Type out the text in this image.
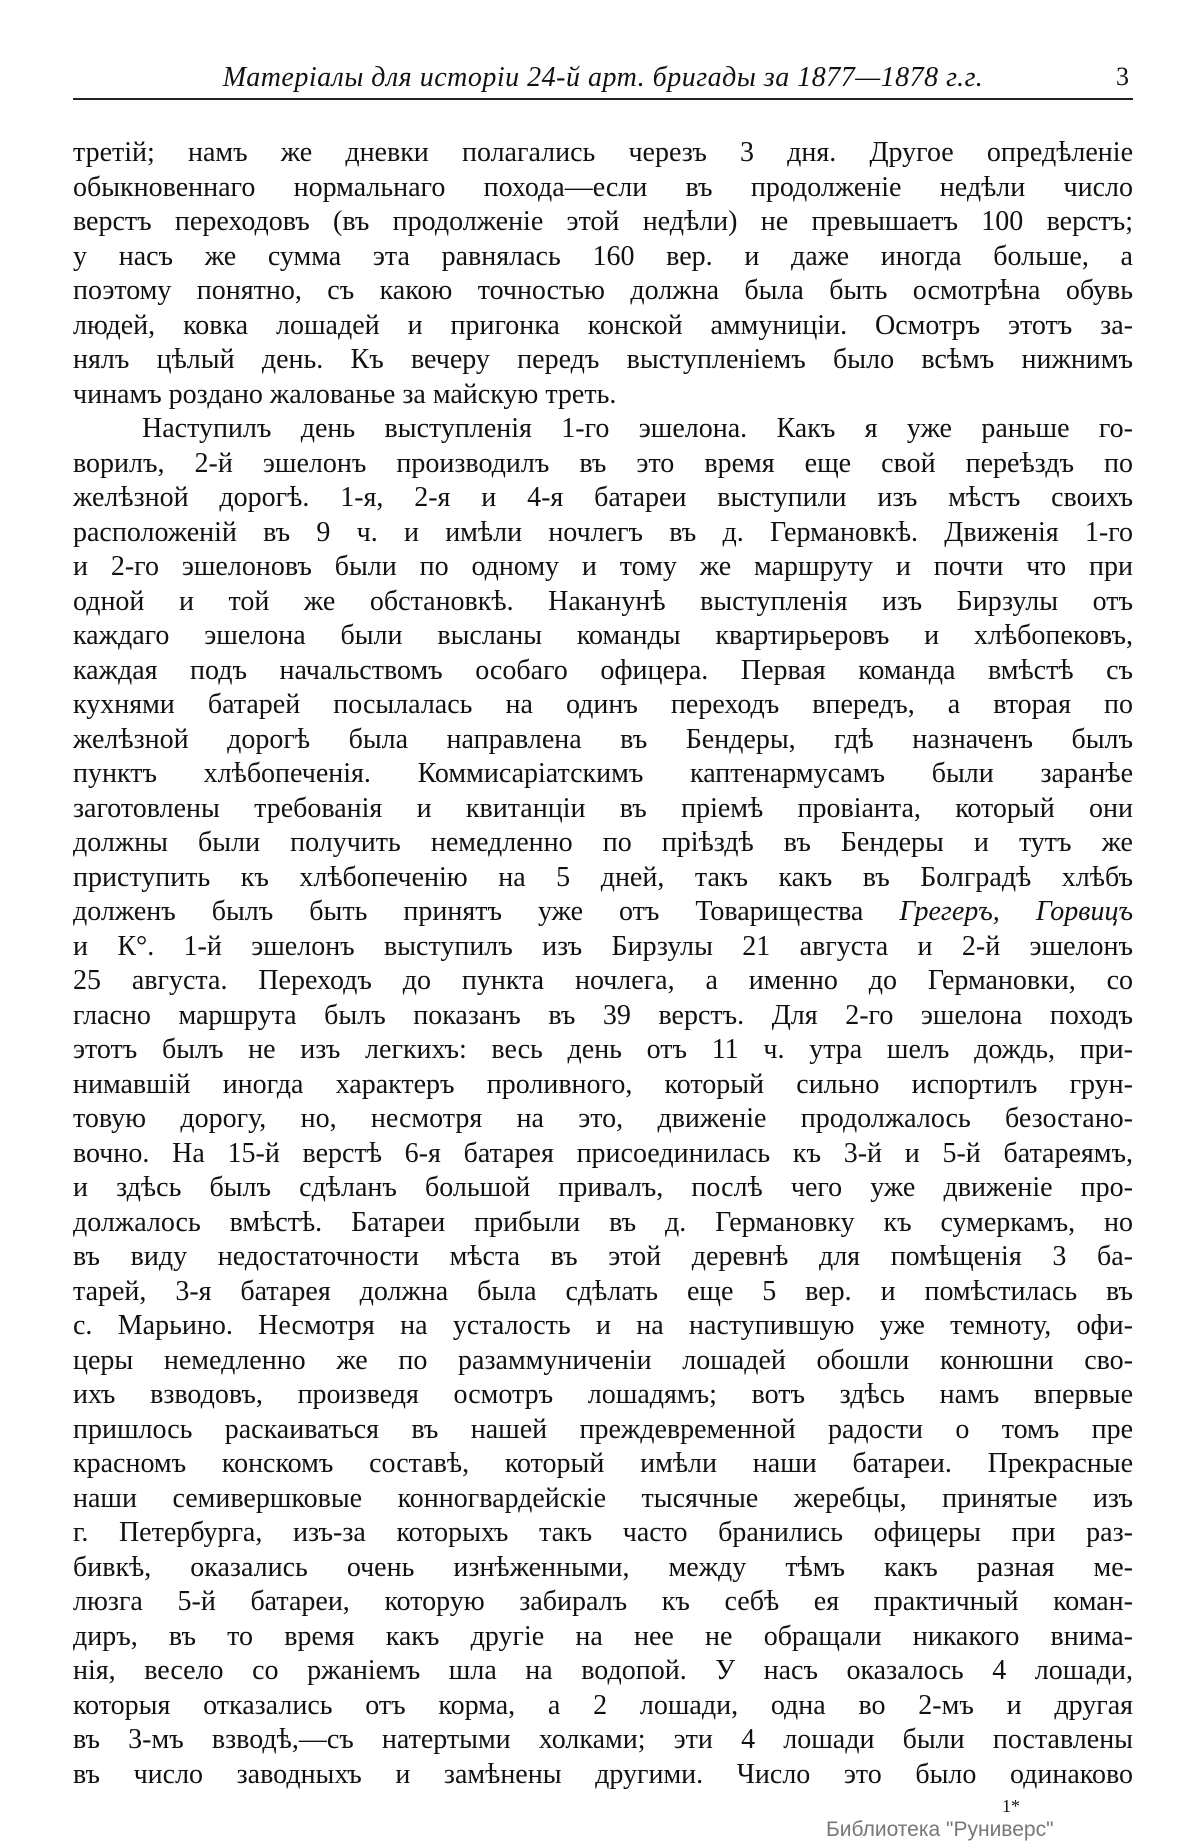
Матеріалы для исторіи 24-й арт. бригады за 1877—1878 г.г.	3
третій; намъ же дневки полагались черезъ 3 дня. Другое опредѣленіе
обыкновеннаго нормальнаго похода—если въ продолженіе недѣли число
верстъ переходовъ (въ продолженіе этой недѣли) не превышаетъ 100 верстъ;
у насъ же сумма эта равнялась 160 вер. и даже иногда больше, а
поэтому понятно, съ какою точностью должна была быть осмотрѣна обувь
людей, ковка лошадей и пригонка конской аммуниціи. Осмотръ этотъ за-
нялъ цѣлый день. Къ вечеру передъ выступленіемъ было всѣмъ нижнимъ
чинамъ роздано жалованье за майскую треть.
Наступилъ день выступленія 1-го эшелона. Какъ я уже раньше го-
ворилъ, 2-й эшелонъ производилъ въ это время еще свой переѣздъ по
желѣзной дорогѣ. 1-я, 2-я и 4-я батареи выступили изъ мѣстъ своихъ
расположеній въ 9 ч. и имѣли ночлегъ въ д. Германовкѣ. Движенія 1-го
и 2-го эшелоновъ были по одному и тому же маршруту и почти что при
одной и той же обстановкѣ. Наканунѣ выступленія изъ Бирзулы отъ
каждаго эшелона были высланы команды квартирьеровъ и хлѣбопековъ,
каждая подъ начальствомъ особаго офицера. Первая команда вмѣстѣ съ
кухнями батарей посылалась на одинъ переходъ впередъ, а вторая по
желѣзной дорогѣ была направлена въ Бендеры, гдѣ назначенъ былъ
пунктъ хлѣбопеченія. Коммисаріатскимъ каптенармусамъ были заранѣе
заготовлены требованія и квитанціи въ пріемѣ провіанта, который они
должны были получить немедленно по пріѣздѣ въ Бендеры и тутъ же
приступить къ хлѣбопеченію на 5 дней, такъ какъ въ Болградѣ хлѣбъ
долженъ былъ быть принятъ уже отъ Товарищества Грегеръ, Горвицъ
и К°. 1-й эшелонъ выступилъ изъ Бирзулы 21 августа и 2-й эшелонъ
25 августа. Переходъ до пункта ночлега, а именно до Германовки, со
гласно маршрута былъ показанъ въ 39 верстъ. Для 2-го эшелона походъ
этотъ былъ не изъ легкихъ: весь день отъ 11 ч. утра шелъ дождь, при-
нимавшій иногда характеръ проливного, который сильно испортилъ грун-
товую дорогу, но, несмотря на это, движеніе продолжалось безостано-
вочно. На 15-й верстѣ 6-я батарея присоединилась къ 3-й и 5-й батареямъ,
и здѣсь былъ сдѣланъ большой привалъ, послѣ чего уже движеніе про-
должалось вмѣстѣ. Батареи прибыли въ д. Германовку къ сумеркамъ, но
въ виду недостаточности мѣста въ этой деревнѣ для помѣщенія 3 ба-
тарей, 3-я батарея должна была сдѣлать еще 5 вер. и помѣстилась въ
с. Марьино. Несмотря на усталость и на наступившую уже темноту, офи-
церы немедленно же по разаммуниченіи лошадей обошли конюшни сво-
ихъ взводовъ, произведя осмотръ лошадямъ; вотъ здѣсь намъ впервые
пришлось раскаиваться въ нашей преждевременной радости о томъ пре
красномъ конскомъ составѣ, который имѣли наши батареи. Прекрасные
наши семивершковые конногвардейскіе тысячные жеребцы, принятые изъ
г. Петербурга, изъ-за которыхъ такъ часто бранились офицеры при раз-
бивкѣ, оказались очень изнѣженными, между тѣмъ какъ разная ме-
люзга 5-й батареи, которую забиралъ къ себѣ ея практичный коман-
диръ, въ то время какъ другіе на нее не обращали никакого внима-
нія, весело со ржаніемъ шла на водопой. У насъ оказалось 4 лошади,
которыя отказались отъ корма, а 2 лошади, одна во 2-мъ и другая
въ 3-мъ взводѣ,—съ натертыми холками; эти 4 лошади были поставлены
въ число заводныхъ и замѣнены другими. Число это было одинаково
1*
Библиотека "Руниверс"
